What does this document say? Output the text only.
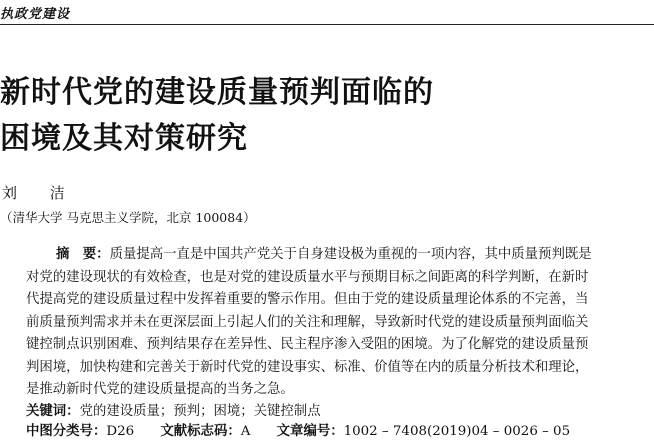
执政党建设
新时代党的建设质量预判面临的
困境及其对策研究
刘 洁
（清华大学 马克思主义学院，北京 100084）
摘　要：质量提高一直是中国共产党关于自身建设极为重视的一项内容，其中质量预判既是
对党的建设现状的有效检查，也是对党的建设质量水平与预期目标之间距离的科学判断，在新时
代提高党的建设质量过程中发挥着重要的警示作用。但由于党的建设质量理论体系的不完善，当
前质量预判需求并未在更深层面上引起人们的关注和理解，导致新时代党的建设质量预判面临关
键控制点识别困难、预判结果存在差异性、民主程序渗入受阻的困境。为了化解党的建设质量预
判困境，加快构建和完善关于新时代党的建设事实、标准、价值等在内的质量分析技术和理论，
是推动新时代党的建设质量提高的当务之急。
关键词：党的建设质量；预判；困境；关键控制点
中图分类号：D26 文献标志码：A 文章编号：1002 – 7408(2019)04 – 0026 – 05
